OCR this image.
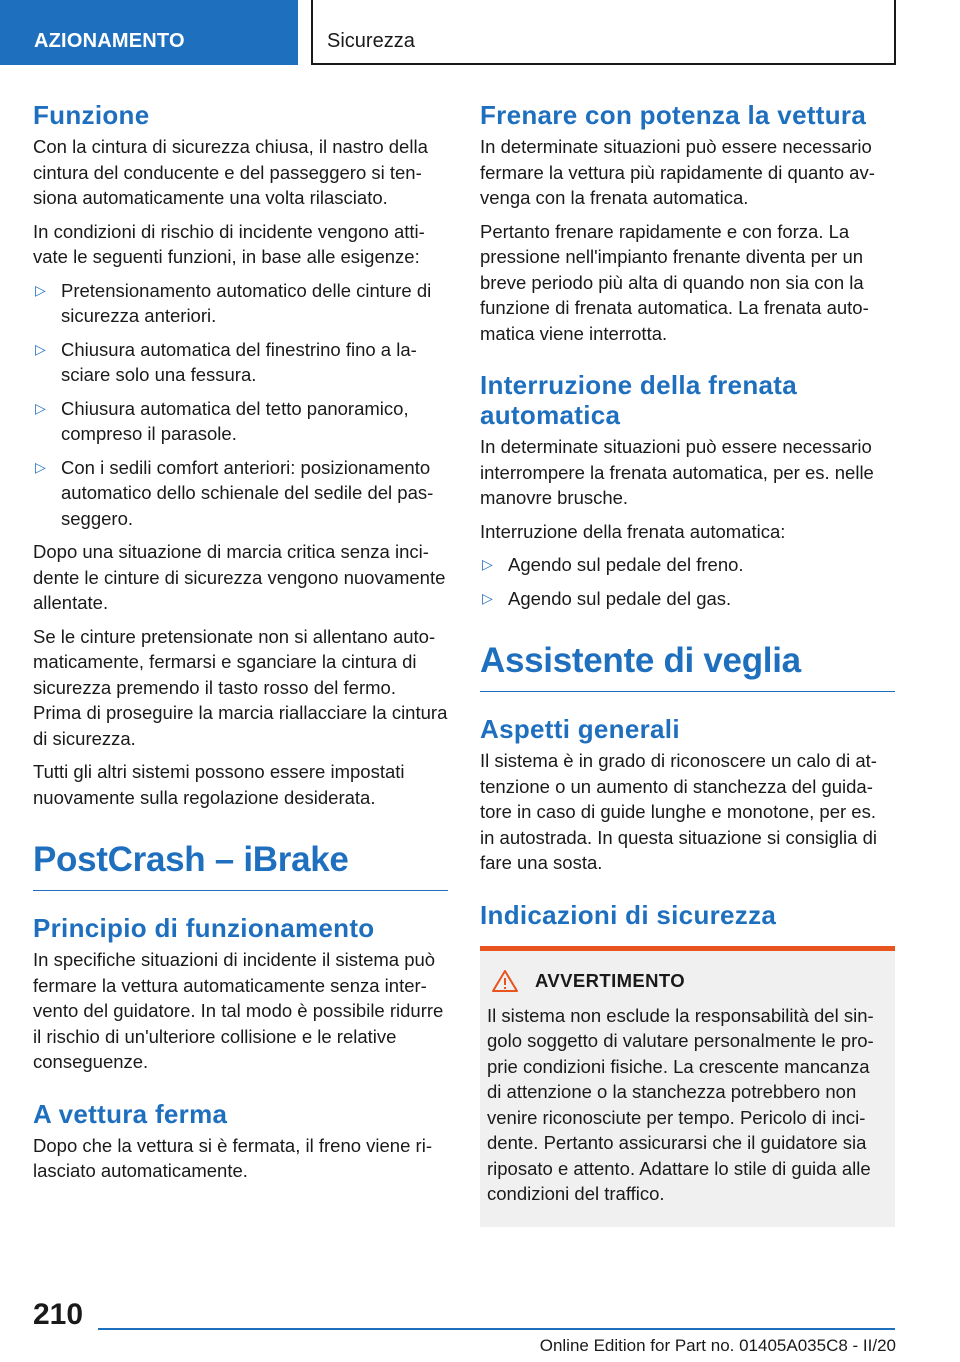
AZIONAMENTO	Sicurezza
Funzione

Con la cintura di sicurezza chiusa, il nastro della cintura del conducente e del passeggero si tensiona automaticamente una volta rilasciato.

In condizioni di rischio di incidente vengono attivate le seguenti funzioni, in base alle esigenze:

▷ Pretensionamento automatico delle cinture di sicurezza anteriori.

▷ Chiusura automatica del finestrino fino a lasciare solo una fessura.

▷ Chiusura automatica del tetto panoramico, compreso il parasole.

▷ Con i sedili comfort anteriori: posizionamento automatico dello schienale del sedile del passeggero.

Dopo una situazione di marcia critica senza incidente le cinture di sicurezza vengono nuovamente allentate.

Se le cinture pretensionate non si allentano automaticamente, fermarsi e sganciare la cintura di sicurezza premendo il tasto rosso del fermo. Prima di proseguire la marcia riallacciare la cintura di sicurezza.

Tutti gli altri sistemi possono essere impostati nuovamente sulla regolazione desiderata.

PostCrash – iBrake
Principio di funzionamento

In specifiche situazioni di incidente il sistema può fermare la vettura automaticamente senza intervento del guidatore. In tal modo è possibile ridurre il rischio di un'ulteriore collisione e le relative conseguenze.

A vettura ferma

Dopo che la vettura si è fermata, il freno viene rilasciato automaticamente.

Frenare con potenza la vettura

In determinate situazioni può essere necessario fermare la vettura più rapidamente di quanto avvenga con la frenata automatica.

Pertanto frenare rapidamente e con forza. La pressione nell'impianto frenante diventa per un breve periodo più alta di quando non sia con la funzione di frenata automatica. La frenata automatica viene interrotta.

Interruzione della frenata automatica

In determinate situazioni può essere necessario interrompere la frenata automatica, per es. nelle manovre brusche.

Interruzione della frenata automatica:

▷ Agendo sul pedale del freno.

▷ Agendo sul pedale del gas.

Assistente di veglia
Aspetti generali

Il sistema è in grado di riconoscere un calo di attenzione o un aumento di stanchezza del guidatore in caso di guide lunghe e monotone, per es. in autostrada. In questa situazione si consiglia di fare una sosta.

Indicazioni di sicurezza
AVVERTIMENTO

Il sistema non esclude la responsabilità del singolo soggetto di valutare personalmente le proprie condizioni fisiche. La crescente mancanza di attenzione o la stanchezza potrebbero non venire riconosciute per tempo. Pericolo di incidente. Pertanto assicurarsi che il guidatore sia riposato e attento. Adattare lo stile di guida alle condizioni del traffico.

210
Online Edition for Part no. 01405A035C8 - II/20
